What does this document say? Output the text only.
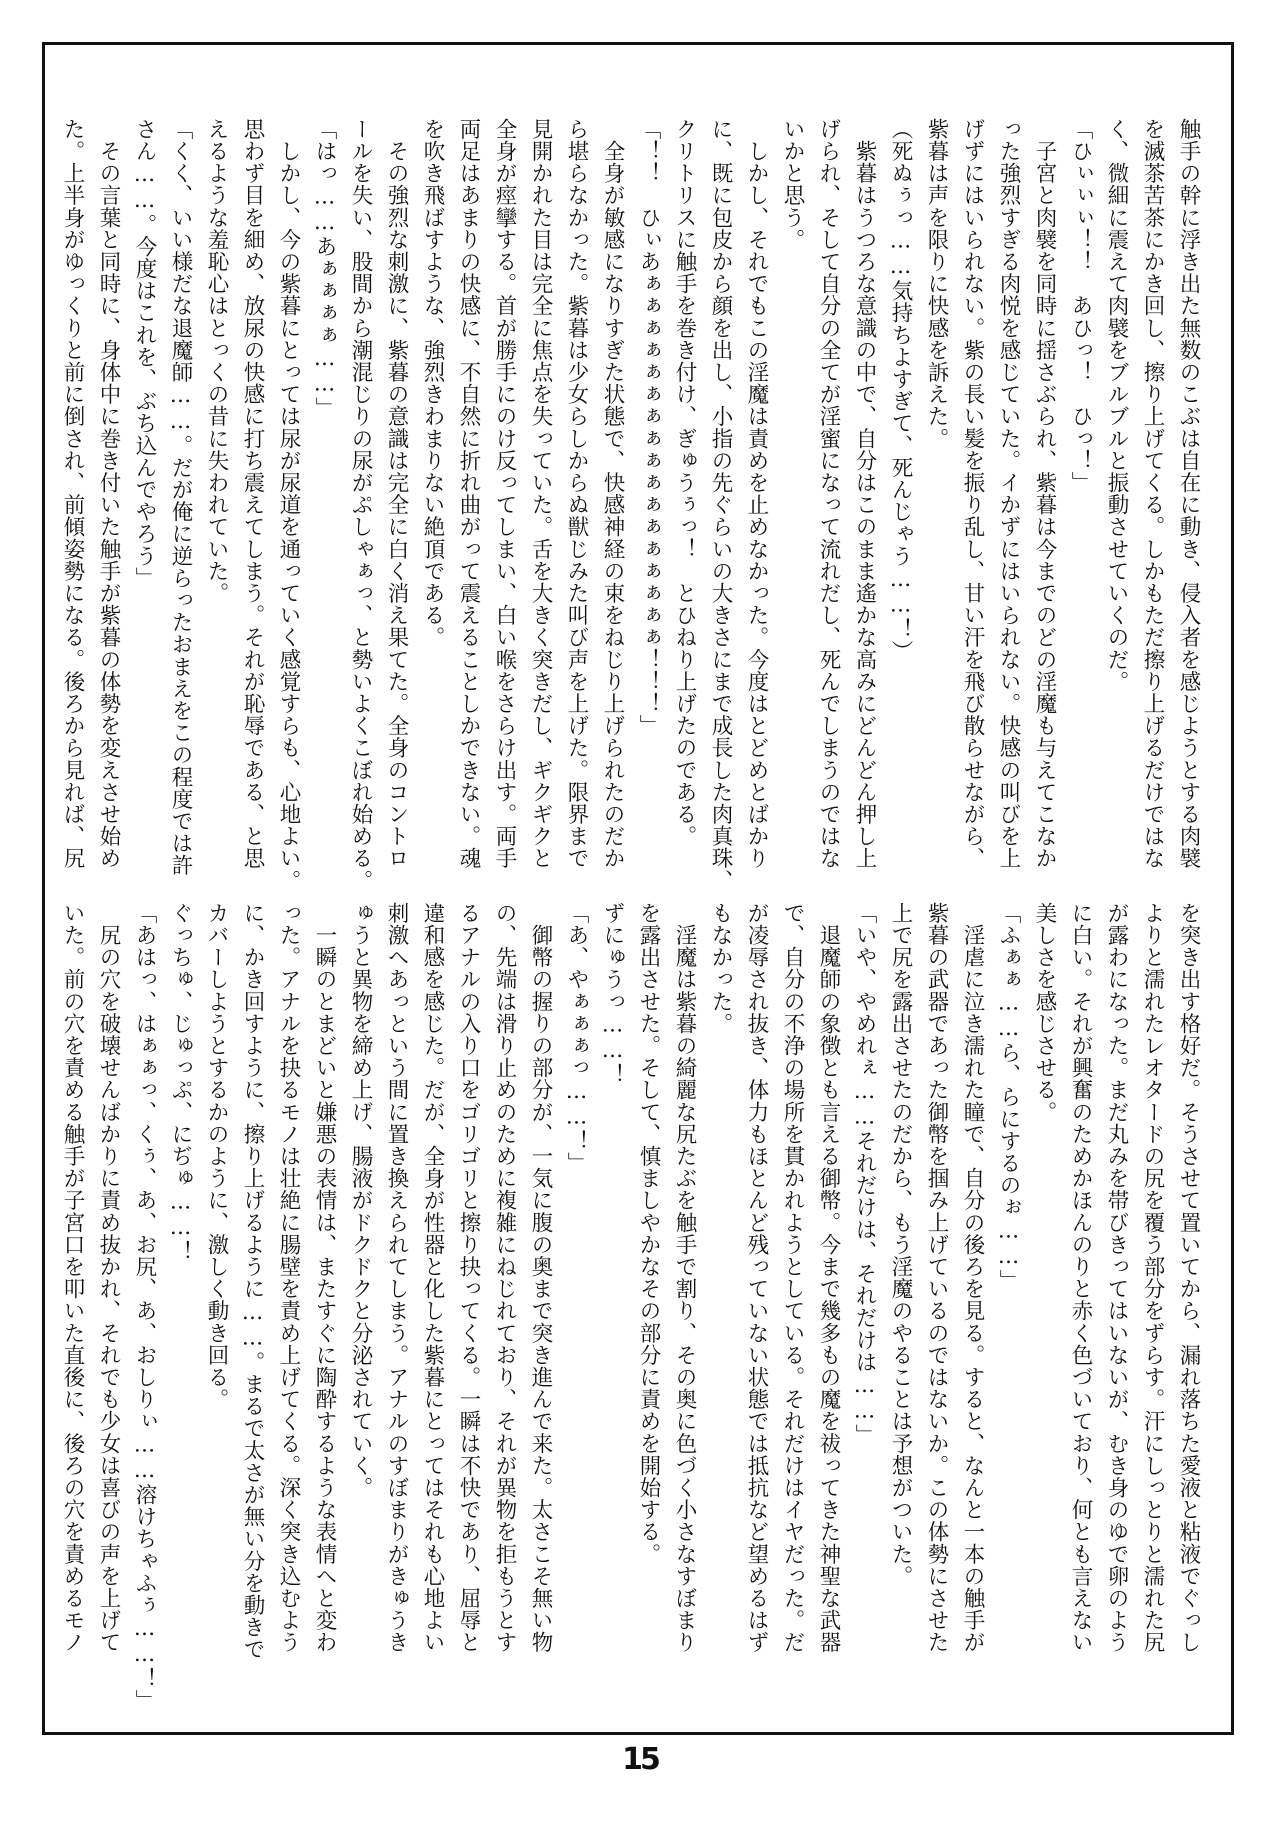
触手の幹に浮き出た無数のこぶは自在に動き、侵入者を感じようとする肉襞
を滅茶苦茶にかき回し、擦り上げてくる。しかもただ擦り上げるだけではな
く、微細に震えて肉襞をブルブルと振動させていくのだ。
「ひぃぃぃ！！　あひっ！　ひっ！」
　子宮と肉襞を同時に揺さぶられ、紫暮は今までのどの淫魔も与えてこなか
った強烈すぎる肉悦を感じていた。イかずにはいられない。快感の叫びを上
げずにはいられない。紫の長い髪を振り乱し、甘い汗を飛び散らせながら、
紫暮は声を限りに快感を訴えた。
（死ぬぅっ……気持ちよすぎて、死んじゃう……！）
　紫暮はうつろな意識の中で、自分はこのまま遙かな高みにどんどん押し上
げられ、そして自分の全てが淫蜜になって流れだし、死んでしまうのではな
いかと思う。
　しかし、それでもこの淫魔は責めを止めなかった。今度はとどめとばかり
に、既に包皮から顔を出し、小指の先ぐらいの大きさにまで成長した肉真珠、
クリトリスに触手を巻き付け、ぎゅうぅっ！　とひねり上げたのである。
「！！　ひぃあぁぁぁぁぁぁぁぁぁぁぁぁぁぁぁぁぁ！！！」
　全身が敏感になりすぎた状態で、快感神経の束をねじり上げられたのだか
ら堪らなかった。紫暮は少女らしからぬ獣じみた叫び声を上げた。限界まで
見開かれた目は完全に焦点を失っていた。舌を大きく突きだし、ギクギクと
全身が痙攣する。首が勝手にのけ反ってしまい、白い喉をさらけ出す。両手
両足はあまりの快感に、不自然に折れ曲がって震えることしかできない。魂
を吹き飛ばすような、強烈きわまりない絶頂である。
　その強烈な刺激に、紫暮の意識は完全に白く消え果てた。全身のコントロ
ールを失い、股間から潮混じりの尿がぷしゃぁっ、と勢いよくこぼれ始める。
「はっ……あぁぁぁぁ……」
　しかし、今の紫暮にとっては尿が尿道を通っていく感覚すらも、心地よい。
思わず目を細め、放尿の快感に打ち震えてしまう。それが恥辱である、と思
えるような羞恥心はとっくの昔に失われていた。
「くく、いい様だな退魔師……。だが俺に逆らったおまえをこの程度では許
さん……。今度はこれを、ぶち込んでやろう」
　その言葉と同時に、身体中に巻き付いた触手が紫暮の体勢を変えさせ始め
た。上半身がゆっくりと前に倒され、前傾姿勢になる。後ろから見れば、尻
を突き出す格好だ。そうさせて置いてから、漏れ落ちた愛液と粘液でぐっし
よりと濡れたレオタードの尻を覆う部分をずらす。汗にしっとりと濡れた尻
が露わになった。まだ丸みを帯びきってはいないが、むき身のゆで卵のよう
に白い。それが興奮のためかほんのりと赤く色づいており、何とも言えない
美しさを感じさせる。
「ふぁぁ……ら、らにするのぉ……」
　淫虐に泣き濡れた瞳で、自分の後ろを見る。すると、なんと一本の触手が
紫暮の武器であった御幣を掴み上げているのではないか。この体勢にさせた
上で尻を露出させたのだから、もう淫魔のやることは予想がついた。
「いや、やめれぇ……それだけは、それだけは……」
　退魔師の象徴とも言える御幣。今まで幾多もの魔を祓ってきた神聖な武器
で、自分の不浄の場所を貫かれようとしている。それだけはイヤだった。だ
が凌辱され抜き、体力もほとんど残っていない状態では抵抗など望めるはず
もなかった。
　淫魔は紫暮の綺麗な尻たぶを触手で割り、その奥に色づく小さなすぼまり
を露出させた。そして、慎ましやかなその部分に責めを開始する。
ずにゅうっ……！
「あ、やぁぁぁっ……！」
　御幣の握りの部分が、一気に腹の奥まで突き進んで来た。太さこそ無い物
の、先端は滑り止めのために複雑にねじれており、それが異物を拒もうとす
るアナルの入り口をゴリゴリと擦り抉ってくる。一瞬は不快であり、屈辱と
違和感を感じた。だが、全身が性器と化した紫暮にとってはそれも心地よい
刺激へあっという間に置き換えられてしまう。アナルのすぼまりがきゅうき
ゅうと異物を締め上げ、腸液がドクドクと分泌されていく。
　一瞬のとまどいと嫌悪の表情は、またすぐに陶酔するような表情へと変わ
った。アナルを抉るモノは壮絶に腸壁を責め上げてくる。深く突き込むよう
に、かき回すように、擦り上げるように……。まるで太さが無い分を動きで
カバーしようとするかのように、激しく動き回る。
ぐっちゅ、じゅっぷ、にぢゅ……！
「あはっ、はぁぁっ、くぅ、あ、お尻、あ、おしりぃ……溶けちゃふぅ……！」
　尻の穴を破壊せんばかりに責め抜かれ、それでも少女は喜びの声を上げて
いた。前の穴を責める触手が子宮口を叩いた直後に、後ろの穴を責めるモノ
15
